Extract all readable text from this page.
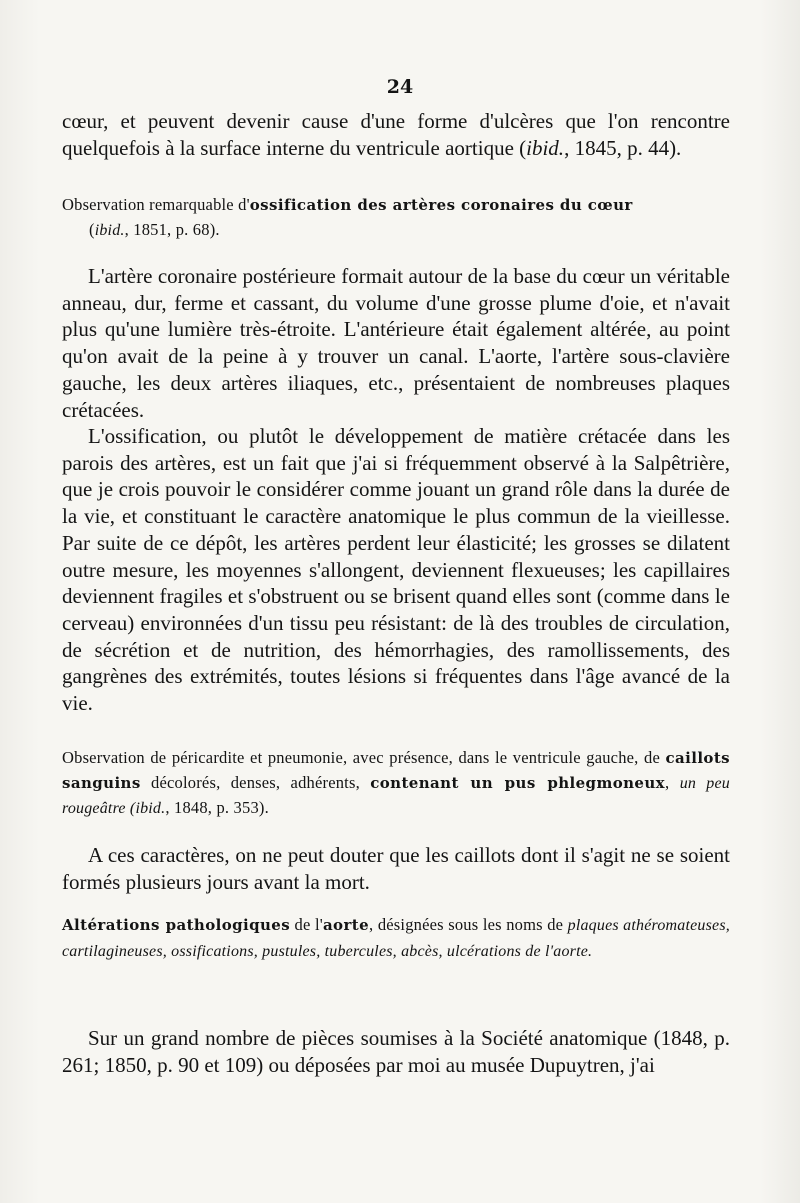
24

cœur, et peuvent devenir cause d'une forme d'ulcères que l'on rencontre quelquefois à la surface interne du ventricule aortique (ibid., 1845, p. 44).

Observation remarquable d'ossification des artères coronaires du cœur
(ibid., 1851, p. 68).

L'artère coronaire postérieure formait autour de la base du cœur un véritable anneau, dur, ferme et cassant, du volume d'une grosse plume d'oie, et n'avait plus qu'une lumière très-étroite. L'antérieure était également altérée, au point qu'on avait de la peine à y trouver un canal. L'aorte, l'artère sous-clavière gauche, les deux artères iliaques, etc., présentaient de nombreuses plaques crétacées.

L'ossification, ou plutôt le développement de matière crétacée dans les parois des artères, est un fait que j'ai si fréquemment observé à la Salpêtrière, que je crois pouvoir le considérer comme jouant un grand rôle dans la durée de la vie, et constituant le caractère anatomique le plus commun de la vieillesse. Par suite de ce dépôt, les artères perdent leur élasticité; les grosses se dilatent outre mesure, les moyennes s'allongent, deviennent flexueuses; les capillaires deviennent fragiles et s'obstruent ou se brisent quand elles sont (comme dans le cerveau) environnées d'un tissu peu résistant: de là des troubles de circulation, de sécrétion et de nutrition, des hémorrhagies, des ramollissements, des gangrènes des extrémités, toutes lésions si fréquentes dans l'âge avancé de la vie.

Observation de péricardite et pneumonie, avec présence, dans le ventricule gauche, de caillots sanguins décolorés, denses, adhérents, contenant un pus phlegmoneux, un peu rougeâtre (ibid., 1848, p. 353).

A ces caractères, on ne peut douter que les caillots dont il s'agit ne se soient formés plusieurs jours avant la mort.

Altérations pathologiques de l'aorte, désignées sous les noms de plaques athéromateuses, cartilagineuses, ossifications, pustules, tubercules, abcès, ulcérations de l'aorte.

Sur un grand nombre de pièces soumises à la Société anatomique (1848, p. 261; 1850, p. 90 et 109) ou déposées par moi au musée Dupuytren, j'ai
